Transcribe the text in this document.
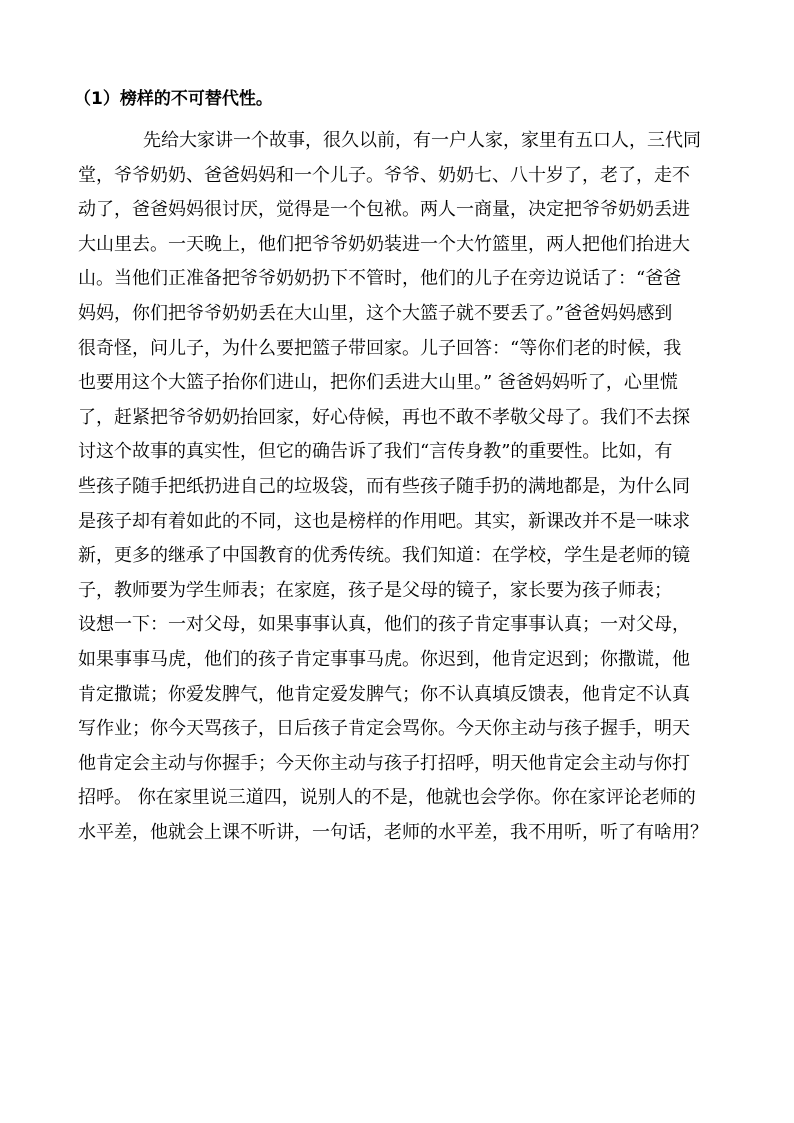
（1）榜样的不可替代性。
先给大家讲一个故事，很久以前，有一户人家，家里有五口人，三代同
堂，爷爷奶奶、爸爸妈妈和一个儿子。爷爷、奶奶七、八十岁了，老了，走不
动了，爸爸妈妈很讨厌，觉得是一个包袱。两人一商量，决定把爷爷奶奶丢进
大山里去。一天晚上，他们把爷爷奶奶装进一个大竹篮里，两人把他们抬进大
山。当他们正准备把爷爷奶奶扔下不管时，他们的儿子在旁边说话了：“爸爸
妈妈，你们把爷爷奶奶丢在大山里，这个大篮子就不要丢了。”爸爸妈妈感到
很奇怪，问儿子，为什么要把篮子带回家。儿子回答：“等你们老的时候，我
也要用这个大篮子抬你们进山，把你们丢进大山里。” 爸爸妈妈听了，心里慌
了，赶紧把爷爷奶奶抬回家，好心侍候，再也不敢不孝敬父母了。我们不去探
讨这个故事的真实性，但它的确告诉了我们“言传身教”的重要性。比如，有
些孩子随手把纸扔进自己的垃圾袋，而有些孩子随手扔的满地都是，为什么同
是孩子却有着如此的不同，这也是榜样的作用吧。其实，新课改并不是一味求
新，更多的继承了中国教育的优秀传统。我们知道：在学校，学生是老师的镜
子，教师要为学生师表；在家庭，孩子是父母的镜子，家长要为孩子师表；
设想一下：一对父母，如果事事认真，他们的孩子肯定事事认真；一对父母，
如果事事马虎，他们的孩子肯定事事马虎。你迟到，他肯定迟到；你撒谎，他
肯定撒谎；你爱发脾气，他肯定爱发脾气；你不认真填反馈表，他肯定不认真
写作业；你今天骂孩子，日后孩子肯定会骂你。今天你主动与孩子握手，明天
他肯定会主动与你握手；今天你主动与孩子打招呼，明天他肯定会主动与你打
招呼。 你在家里说三道四，说别人的不是，他就也会学你。你在家评论老师的
水平差，他就会上课不听讲，一句话，老师的水平差，我不用听，听了有啥用？
